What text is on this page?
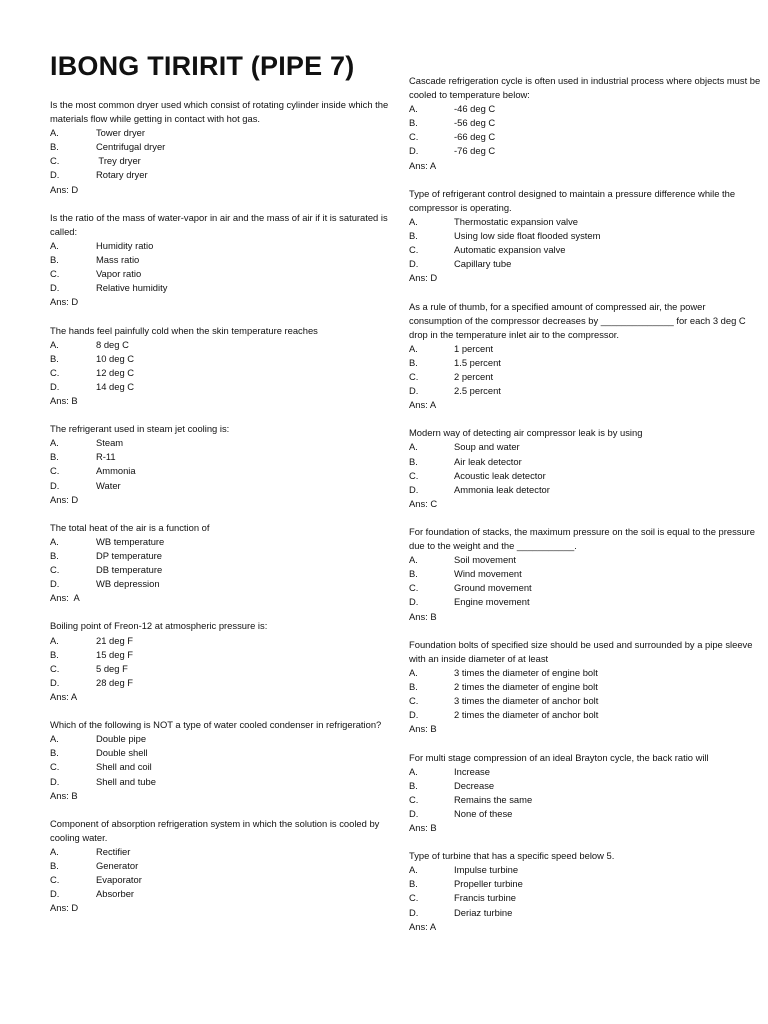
IBONG TIRIRIT (PIPE 7)

Is the most common dryer used which consist of rotating cylinder inside which the materials flow while getting in contact with hot gas.

A.	Tower dryer
B.	Centrifugal dryer
C.	Trey dryer
D.	Rotary dryer

Ans: D

Is the ratio of the mass of water-vapor in air and the mass of air if it is saturated is called:

A.	Humidity ratio
B.	Mass ratio
C.	Vapor ratio
D.	Relative humidity

Ans: D

The hands feel painfully cold when the skin temperature reaches

A.	8 deg C
B.	10 deg C
C.	12 deg C
D.	14 deg C

Ans: B

The refrigerant used in steam jet cooling is:

A.	Steam
B.	R-11
C.	Ammonia
D.	Water

Ans: D

The total heat of the air is a function of

A.	WB temperature
B.	DP temperature
C.	DB temperature
D.	WB depression

Ans:  A

Boiling point of Freon-12 at atmospheric pressure is:

A.	21 deg F
B.	15 deg F
C.	5 deg F
D.	28 deg F

Ans: A

Which of the following is NOT a type of water cooled condenser in refrigeration?

A.	Double pipe
B.	Double shell
C.	Shell and coil
D.	Shell and tube

Ans: B

Component of absorption refrigeration system in which the solution is cooled by cooling water.

A.	Rectifier
B.	Generator
C.	Evaporator
D.	Absorber

Ans: D

Cascade refrigeration cycle is often used in industrial process where objects must be cooled to temperature below:

A.	-46 deg C
B.	-56 deg C
C.	-66 deg C
D.	-76 deg C

Ans: A

Type of refrigerant control designed to maintain a pressure difference while the compressor is operating.

A.	Thermostatic expansion valve
B.	Using low side float flooded system
C.	Automatic expansion valve
D.	Capillary tube

Ans: D

As a rule of thumb, for a specified amount of compressed air, the power consumption of the compressor decreases by ______________ for each 3 deg C drop in the temperature inlet air to the compressor.

A.	1 percent
B.	1.5 percent
C.	2 percent
D.	2.5 percent

Ans: A

Modern way of detecting air compressor leak is by using

A.	Soup and water
B.	Air leak detector
C.	Acoustic leak detector
D.	Ammonia leak detector

Ans: C

For foundation of stacks, the maximum pressure on the soil is equal to the pressure due to the weight and the ___________.

A.	Soil movement
B.	Wind movement
C.	Ground movement
D.	Engine movement

Ans: B

Foundation bolts of specified size should be used and surrounded by a pipe sleeve with an inside diameter of at least

A.	3 times the diameter of engine bolt
B.	2 times the diameter of engine bolt
C.	3 times the diameter of anchor bolt
D.	2 times the diameter of anchor bolt

Ans: B

For multi stage compression of an ideal Brayton cycle, the back ratio will

A.	Increase
B.	Decrease
C.	Remains the same
D.	None of these

Ans: B

Type of turbine that has a specific speed below 5.

A.	Impulse turbine
B.	Propeller turbine
C.	Francis turbine
D.	Deriaz turbine

Ans: A
